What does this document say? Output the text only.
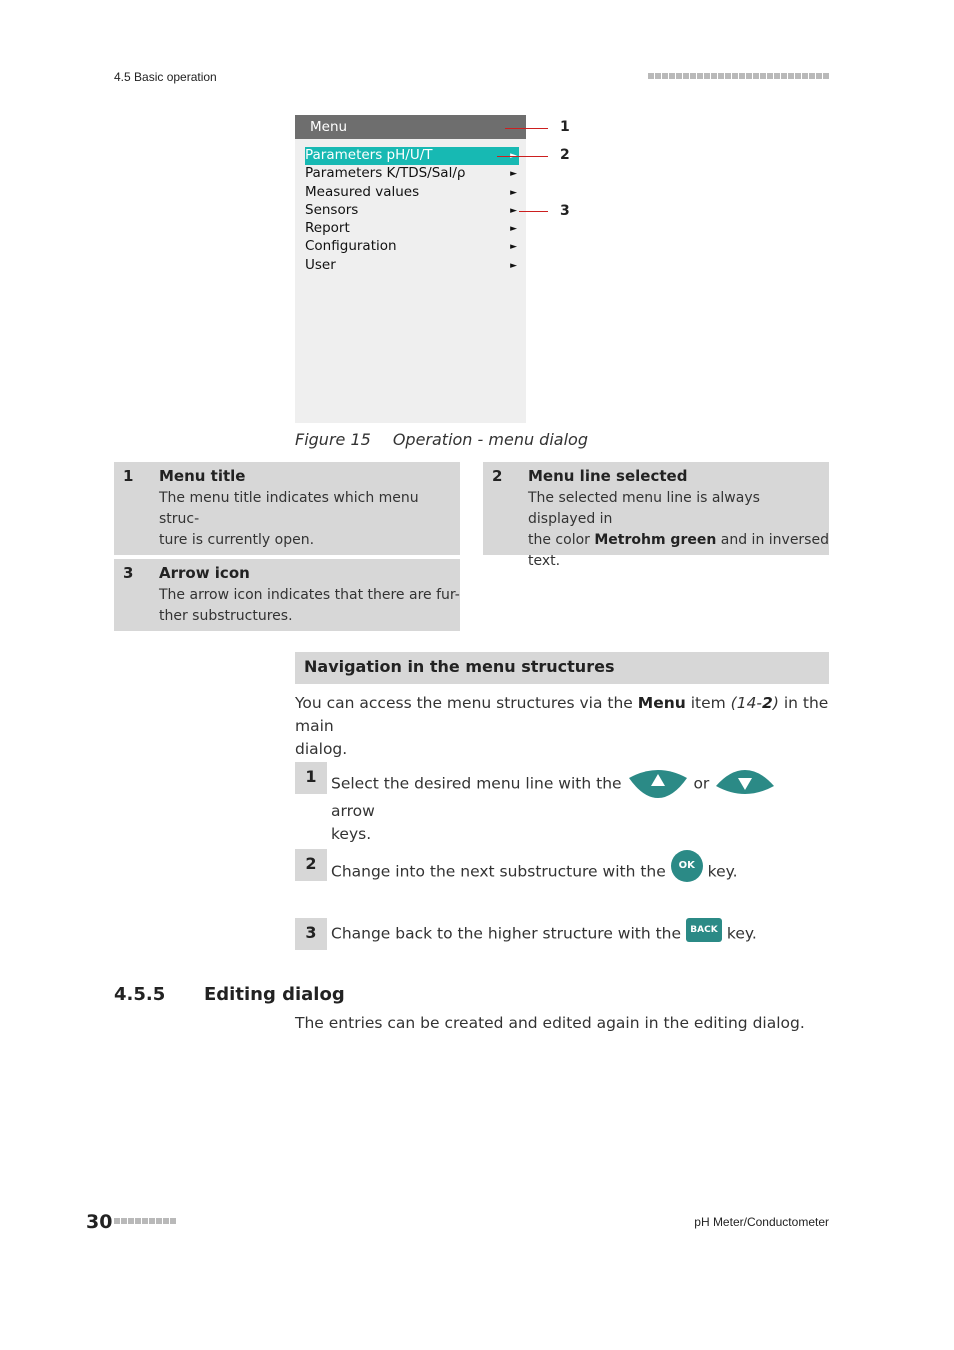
4.5 Basic operation
Menu
Parameters pH/U/T
Parameters K/TDS/Sal/ρ	►
Measured values	►
Sensors	►
Report	►
Configuration	►
User	►
1
2
3
Figure 15 Operation - menu dialog
1 Menu title
The menu title indicates which menu struc-
ture is currently open.
2 Menu line selected
The selected menu line is always displayed in
the color Metrohm green and in inversed
text.
3 Arrow icon
The arrow icon indicates that there are fur-
ther substructures.
Navigation in the menu structures
You can access the menu structures via the Menu item (14-2) in the main
dialog.
1 Select the desired menu line with the	or  arrow
keys.
2 Change into the next substructure with the OK key.
3 Change back to the higher structure with the BACK key.
4.5.5 Editing dialog
The entries can be created and edited again in the editing dialog.
30	pH Meter/Conductometer
